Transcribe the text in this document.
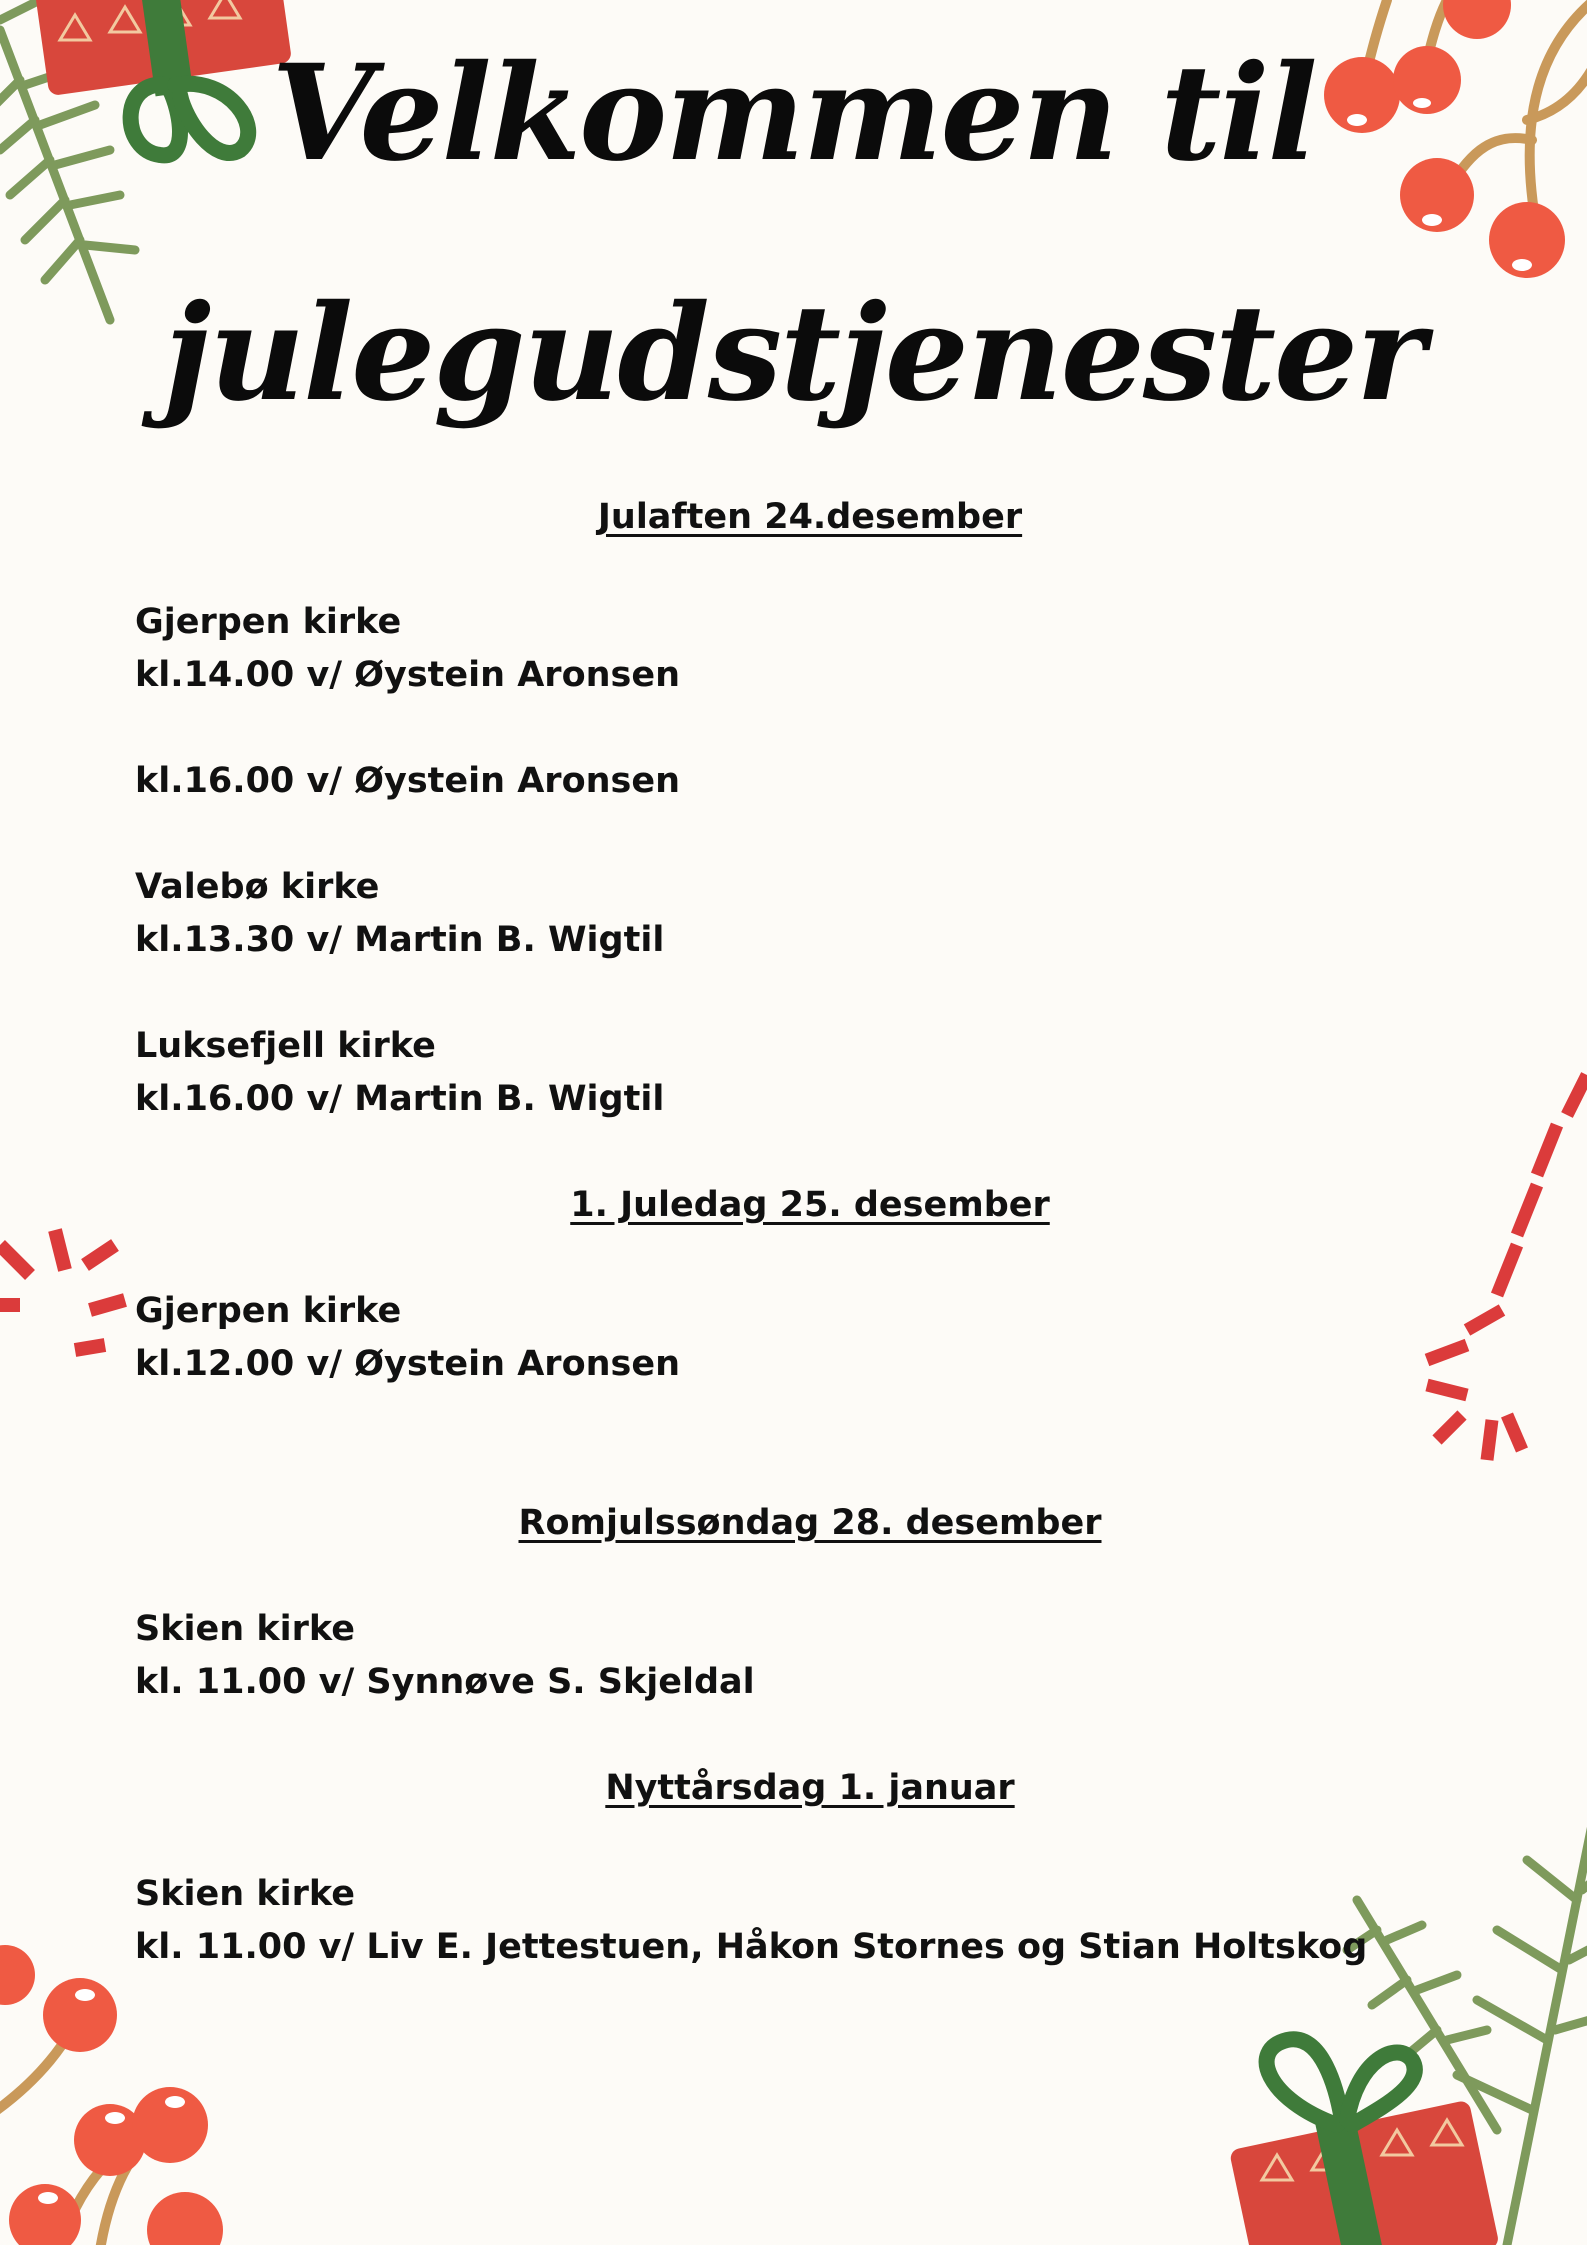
Velkommen til
julegudstjenester
Julaften 24.desember

Gjerpen kirke

kl.14.00 v/ Øystein Aronsen

kl.16.00 v/ Øystein Aronsen

Valebø kirke

kl.13.30 v/ Martin B. Wigtil

Luksefjell kirke

kl.16.00 v/ Martin B. Wigtil

1. Juledag 25. desember

Gjerpen kirke

kl.12.00 v/ Øystein Aronsen

Romjulssøndag 28. desember

Skien kirke

kl. 11.00 v/ Synnøve S. Skjeldal

Nyttårsdag 1. januar

Skien kirke

kl. 11.00 v/ Liv E. Jettestuen, Håkon Stornes og Stian Holtskog
